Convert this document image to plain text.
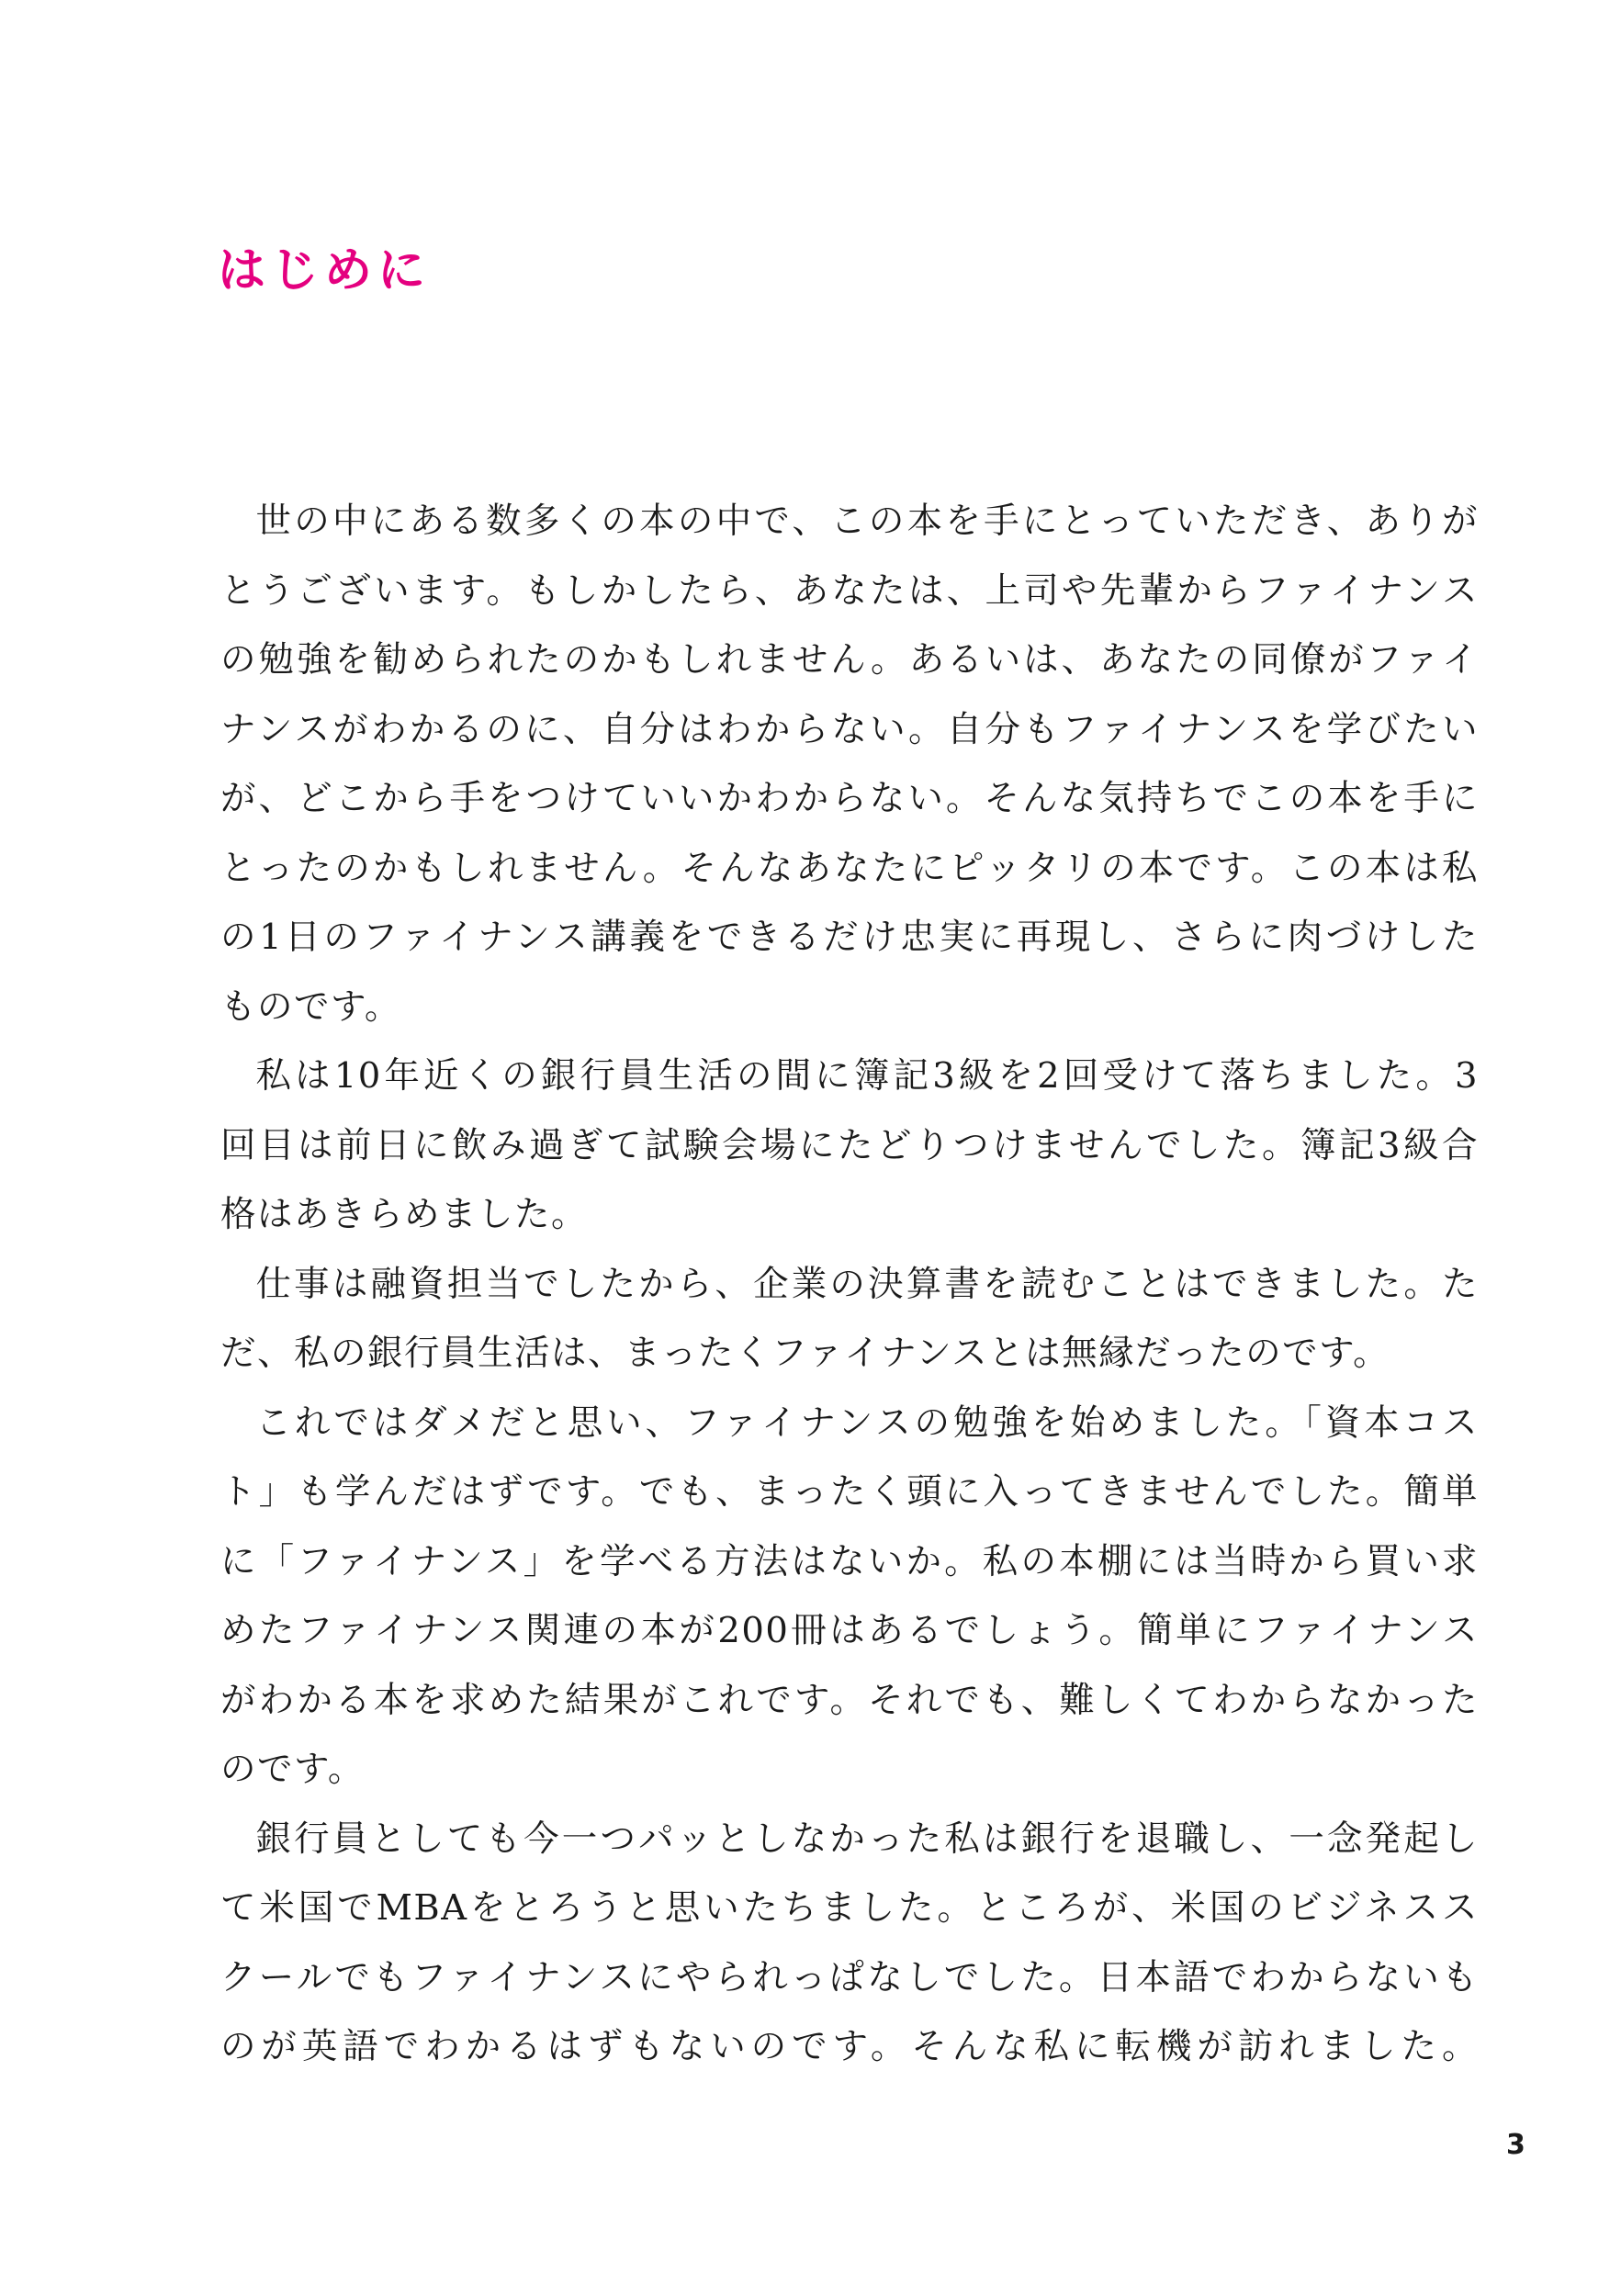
はじめに
世の中にある数多くの本の中で、この本を手にとっていただき、ありが
とうございます。もしかしたら、あなたは、上司や先輩からファイナンス
の勉強を勧められたのかもしれません。あるいは、あなたの同僚がファイ
ナンスがわかるのに、自分はわからない。自分もファイナンスを学びたい
が、どこから手をつけていいかわからない。そんな気持ちでこの本を手に
とったのかもしれません。そんなあなたにピッタリの本です。この本は私
の1日のファイナンス講義をできるだけ忠実に再現し、さらに肉づけした
ものです。
私は10年近くの銀行員生活の間に簿記3級を2回受けて落ちました。3
回目は前日に飲み過ぎて試験会場にたどりつけませんでした。簿記3級合
格はあきらめました。
仕事は融資担当でしたから、企業の決算書を読むことはできました。た
だ、私の銀行員生活は、まったくファイナンスとは無縁だったのです。
これではダメだと思い、ファイナンスの勉強を始めました。「資本コス
ト」も学んだはずです。でも、まったく頭に入ってきませんでした。簡単
に「ファイナンス」を学べる方法はないか。私の本棚には当時から買い求
めたファイナンス関連の本が200冊はあるでしょう。簡単にファイナンス
がわかる本を求めた結果がこれです。それでも、難しくてわからなかった
のです。
銀行員としても今一つパッとしなかった私は銀行を退職し、一念発起し
て米国でMBAをとろうと思いたちました。ところが、米国のビジネスス
クールでもファイナンスにやられっぱなしでした。日本語でわからないも
のが英語でわかるはずもないのです。そんな私に転機が訪れました。
3
